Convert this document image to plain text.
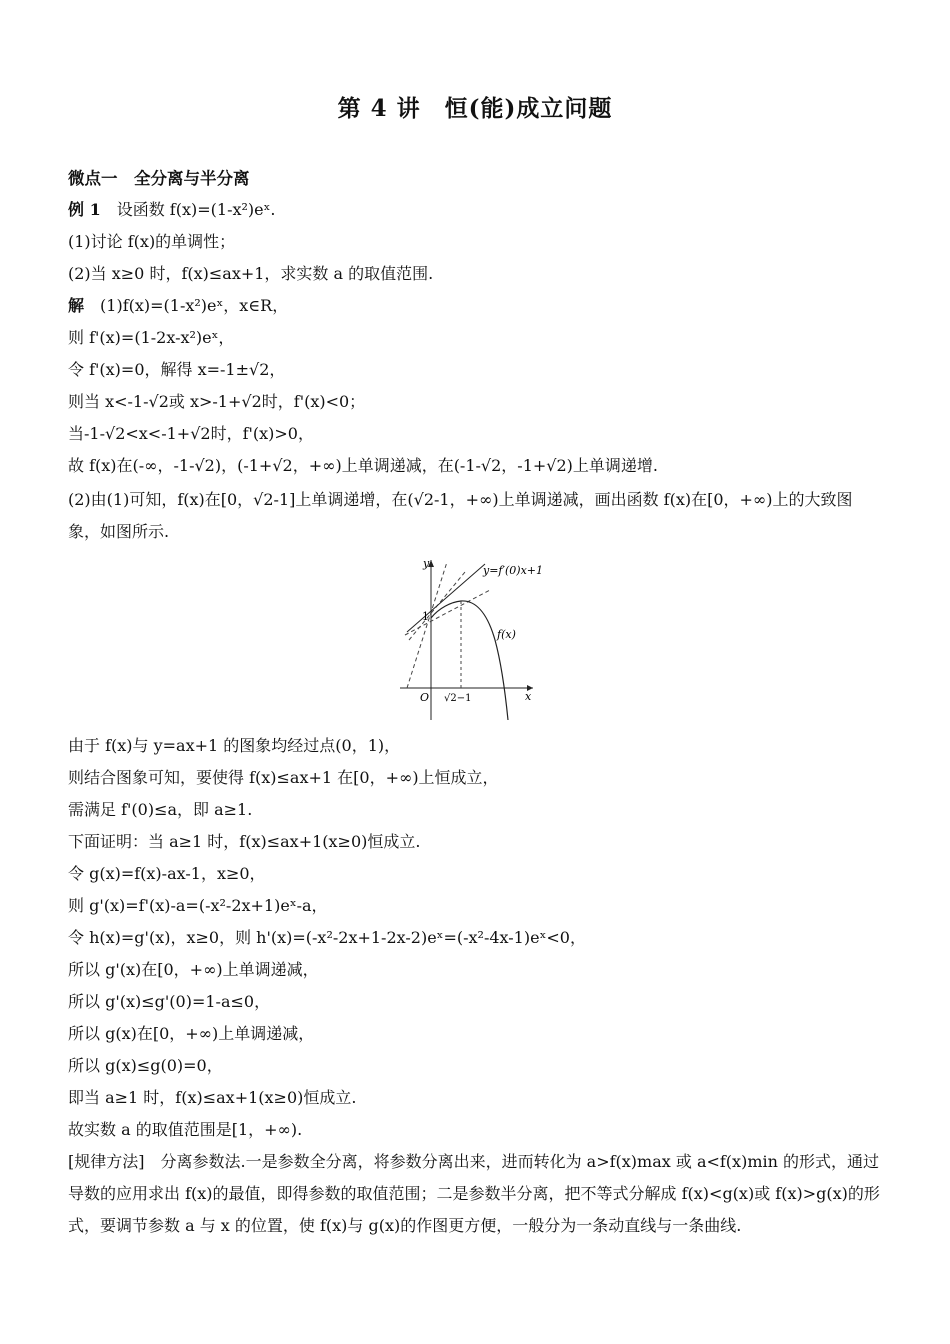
第 4 讲　恒(能)成立问题
微点一　全分离与半分离
例 1　设函数 f(x)=(1-x²)eˣ.
(1)讨论 f(x)的单调性；
(2)当 x≥0 时，f(x)≤ax+1，求实数 a 的取值范围.
解　 (1)f(x)=(1-x²)eˣ，x∈R，
则 f'(x)=(1-2x-x²)eˣ，
令 f'(x)=0，解得 x=-1±√2，
则当 x<-1-√2或 x>-1+√2时，f'(x)<0；
当-1-√2<x<-1+√2时，f'(x)>0，
故 f(x)在(-∞，-1-√2)，(-1+√2，+∞)上单调递减，在(-1-√2，-1+√2)上单调递增.
(2)由(1)可知，f(x)在[0，√2-1]上单调递增，在(√2-1，+∞)上单调递减，画出函数 f(x)在[0，+∞)上的大致图象，如图所示.
y
x
O
1
√2−1
y=f′(0)x+1
f(x)
由于 f(x)与 y=ax+1 的图象均经过点(0，1)，
则结合图象可知，要使得 f(x)≤ax+1 在[0，+∞)上恒成立，
需满足 f'(0)≤a，即 a≥1.
下面证明：当 a≥1 时，f(x)≤ax+1(x≥0)恒成立.
令 g(x)=f(x)-ax-1，x≥0，
则 g'(x)=f'(x)-a=(-x²-2x+1)eˣ-a，
令 h(x)=g'(x)，x≥0，则 h'(x)=(-x²-2x+1-2x-2)eˣ=(-x²-4x-1)eˣ<0，
所以 g'(x)在[0，+∞)上单调递减，
所以 g'(x)≤g'(0)=1-a≤0，
所以 g(x)在[0，+∞)上单调递减，
所以 g(x)≤g(0)=0，
即当 a≥1 时，f(x)≤ax+1(x≥0)恒成立.
故实数 a 的取值范围是[1，+∞).
[规律方法]　分离参数法.一是参数全分离，将参数分离出来，进而转化为 a>f(x)max 或 a<f(x)min 的形式，通过导数的应用求出 f(x)的最值，即得参数的取值范围；二是参数半分离，把不等式分解成 f(x)<g(x)或 f(x)>g(x)的形式，要调节参数 a 与 x 的位置，使 f(x)与 g(x)的作图更方便，一般分为一条动直线与一条曲线.
